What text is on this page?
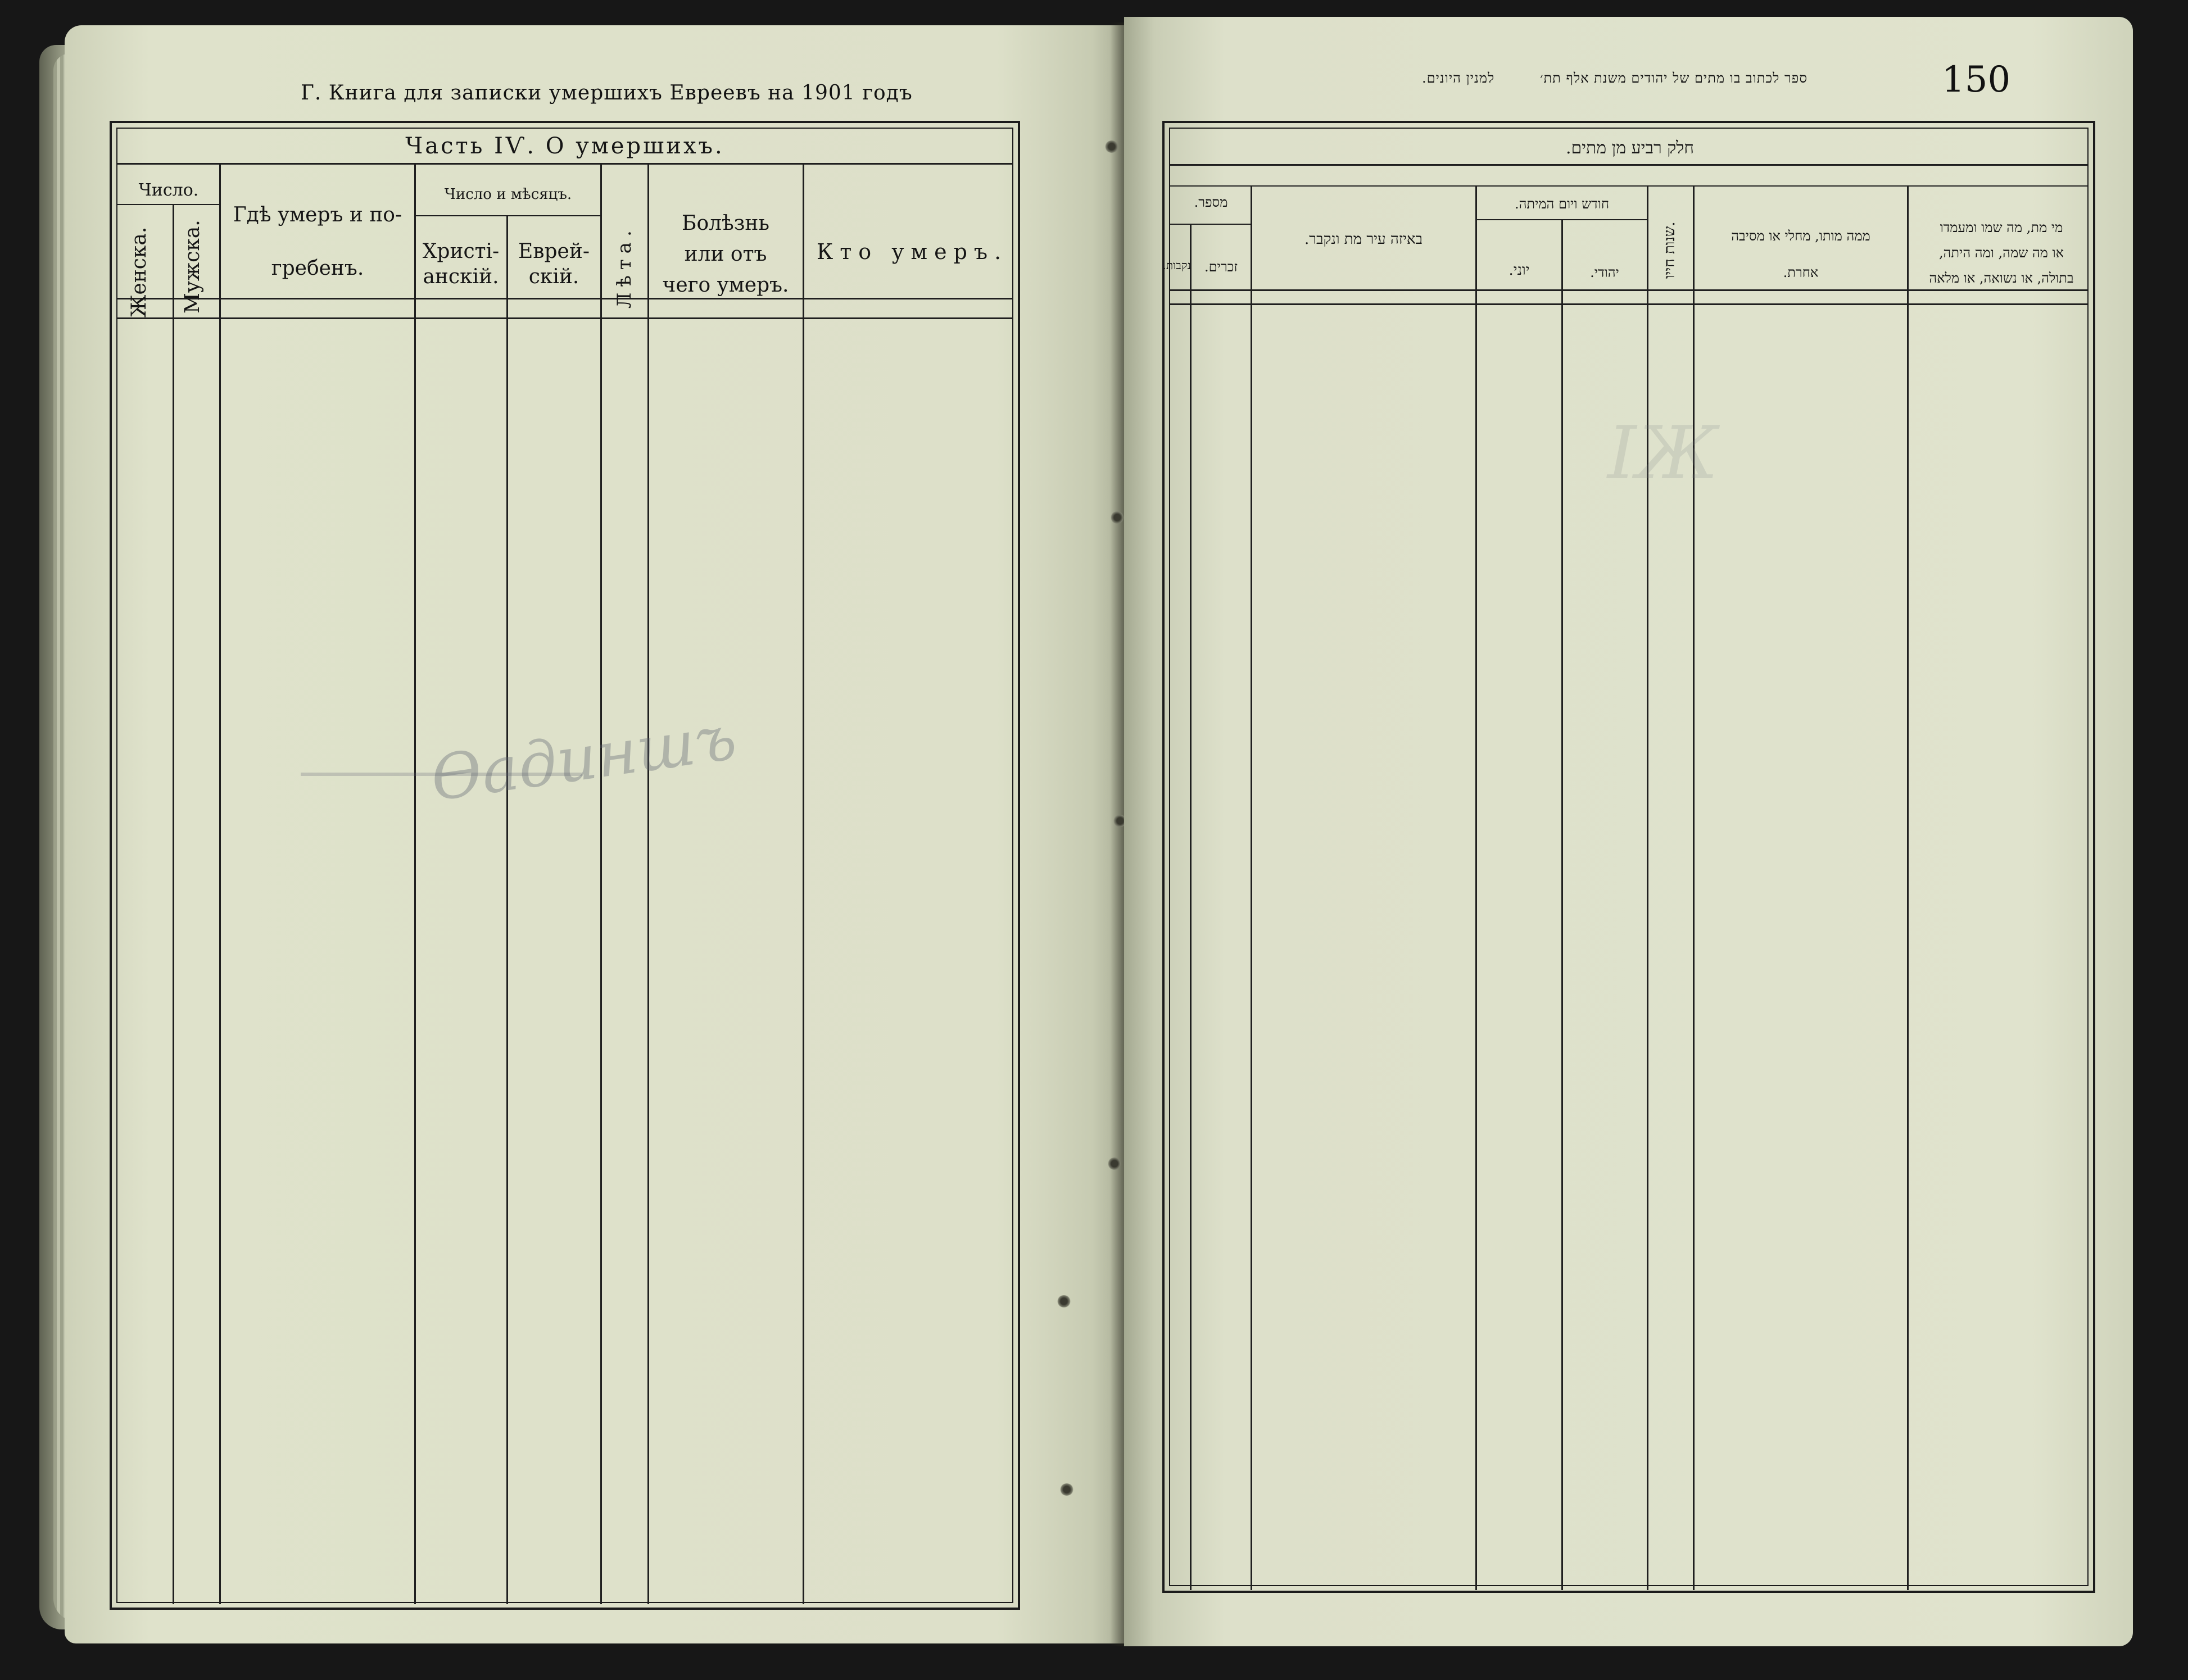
Г. Книга для записки умершихъ Евреевъ на 1901 годъ
Часть IѴ. О умершихъ.
Число.
Женска. Мужска.
Гдѣ умеръ и по-
гребенъ.
Число и мѣсяцъ.
Христі-
анскій.
Еврей-
скій.	Лѣта.
Болѣзнь
или отъ
чего умеръ.
Кто умеръ.
Ѳадиншъ
ספר לכתוב בו מתים של יהודים משנת אלף תת׳
למנין היונים.	150
חלק רביע מן מתים.
מספר.
נקבות. זכרים.
באיזה עיר מת ונקבר.
חודש ויום המיתה.
יוני.	יהודי.	שנות חייו.
ממה מותו, מחלי או מסיבה
אחרת.
מי מת, מה שמו ומעמדו
או מה שמה, ומה היתה,
בתולה, או נשואה, או מלאה
ІЖ
